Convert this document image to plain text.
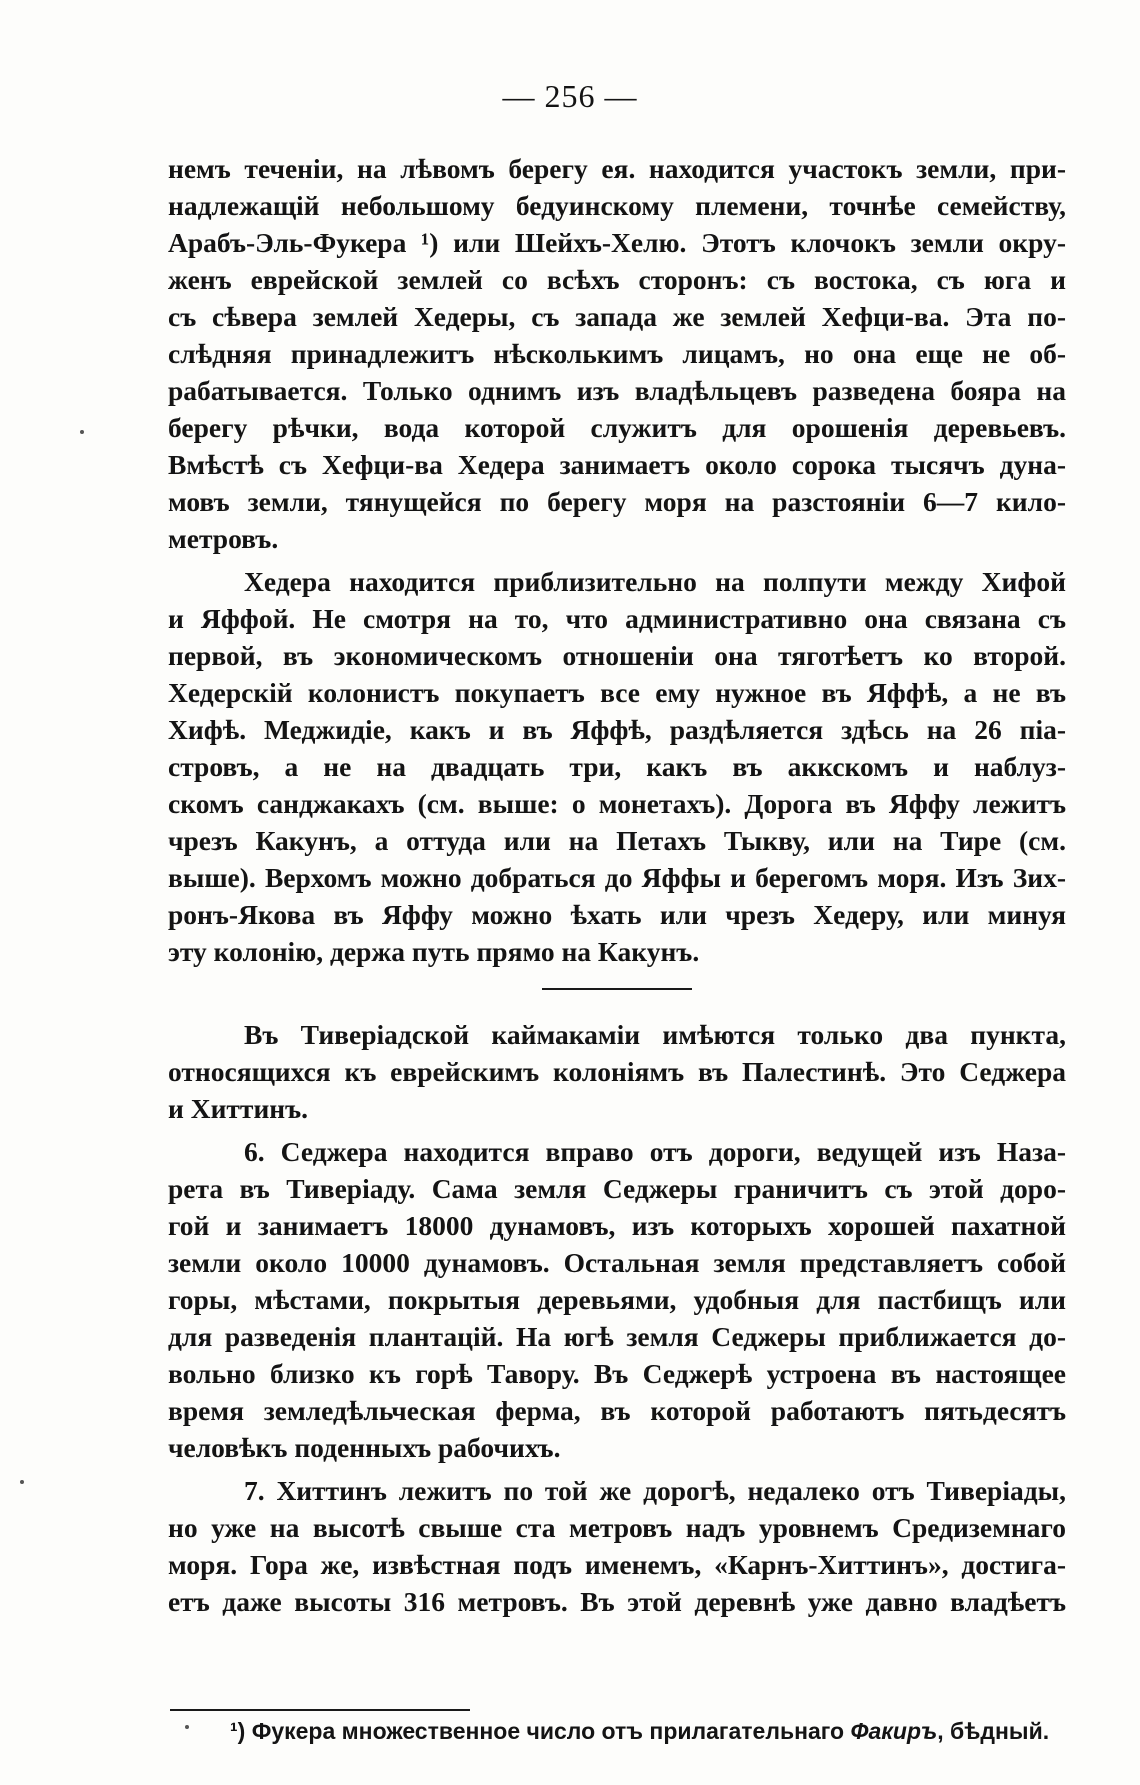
— 256 —
немъ теченiи, на лѣвомъ берегу ея. находится участокъ земли, при-
надлежащiй небольшому бедуинскому племени, точнѣе семейству,
Арабъ-Эль-Фукера ¹) или Шейхъ-Хелю. Этотъ клочокъ земли окру-
женъ еврейской землей со всѣхъ сторонъ: съ востока, съ юга и
съ сѣвера землей Хедеры, съ запада же землей Хефци-ва. Эта по-
слѣдняя принадлежитъ нѣсколькимъ лицамъ, но она еще не об-
рабатывается. Только однимъ изъ владѣльцевъ разведена бояра на
берегу рѣчки, вода которой служитъ для орошенiя деревьевъ.
Вмѣстѣ съ Хефци-ва Хедера занимаетъ около сорока тысячъ дуна-
мовъ земли, тянущейся по берегу моря на разстоянiи 6—7 кило-
метровъ.
Хедера находится приблизительно на полпути между Хифой
и Яффой. Не смотря на то, что административно она связана съ
первой, въ экономическомъ отношенiи она тяготѣетъ ко второй.
Хедерскiй колонистъ покупаетъ все ему нужное въ Яффѣ, а не въ
Хифѣ. Меджидiе, какъ и въ Яффѣ, раздѣляется здѣсь на 26 пia-
стровъ, а не на двадцать три, какъ въ аккскомъ и наблуз-
скомъ санджакахъ (см. выше: о монетахъ). Дорога въ Яффу лежитъ
чрезъ Какунъ, а оттуда или на Петахъ Тыкву, или на Тире (см.
выше). Верхомъ можно добраться до Яффы и берегомъ моря. Изъ Зих-
ронъ-Якова въ Яффу можно ѣхать или чрезъ Хедеру, или минуя
эту колонiю, держа путь прямо на Какунъ.
Въ Тиверiадской каймакамiи имѣются только два пункта,
относящихся къ еврейскимъ колонiямъ въ Палестинѣ. Это Седжера
и Хиттинъ.
6. Седжера находится вправо отъ дороги, ведущей изъ Наза-
рета въ Тиверiаду. Сама земля Седжеры граничитъ съ этой доро-
гой и занимаетъ 18000 дунамовъ, изъ которыхъ хорошей пахатной
земли около 10000 дунамовъ. Остальная земля представляетъ собой
горы, мѣстами, покрытыя деревьями, удобныя для пастбищъ или
для разведенiя плантацiй. На югѣ земля Седжеры приближается до-
вольно близко къ горѣ Тавору. Въ Седжерѣ устроена въ настоящее
время земледѣльческая ферма, въ которой работаютъ пятьдесятъ
человѣкъ поденныхъ рабочихъ.
7. Хиттинъ лежитъ по той же дорогѣ, недалеко отъ Тиверiады,
но уже на высотѣ свыше ста метровъ надъ уровнемъ Средиземнаго
моря. Гора же, извѣстная подъ именемъ, «Карнъ-Хиттинъ», достига-
етъ даже высоты 316 метровъ. Въ этой деревнѣ уже давно владѣетъ
¹) Фукера множественное число отъ прилагательнаго Факиръ, бѣдный.
